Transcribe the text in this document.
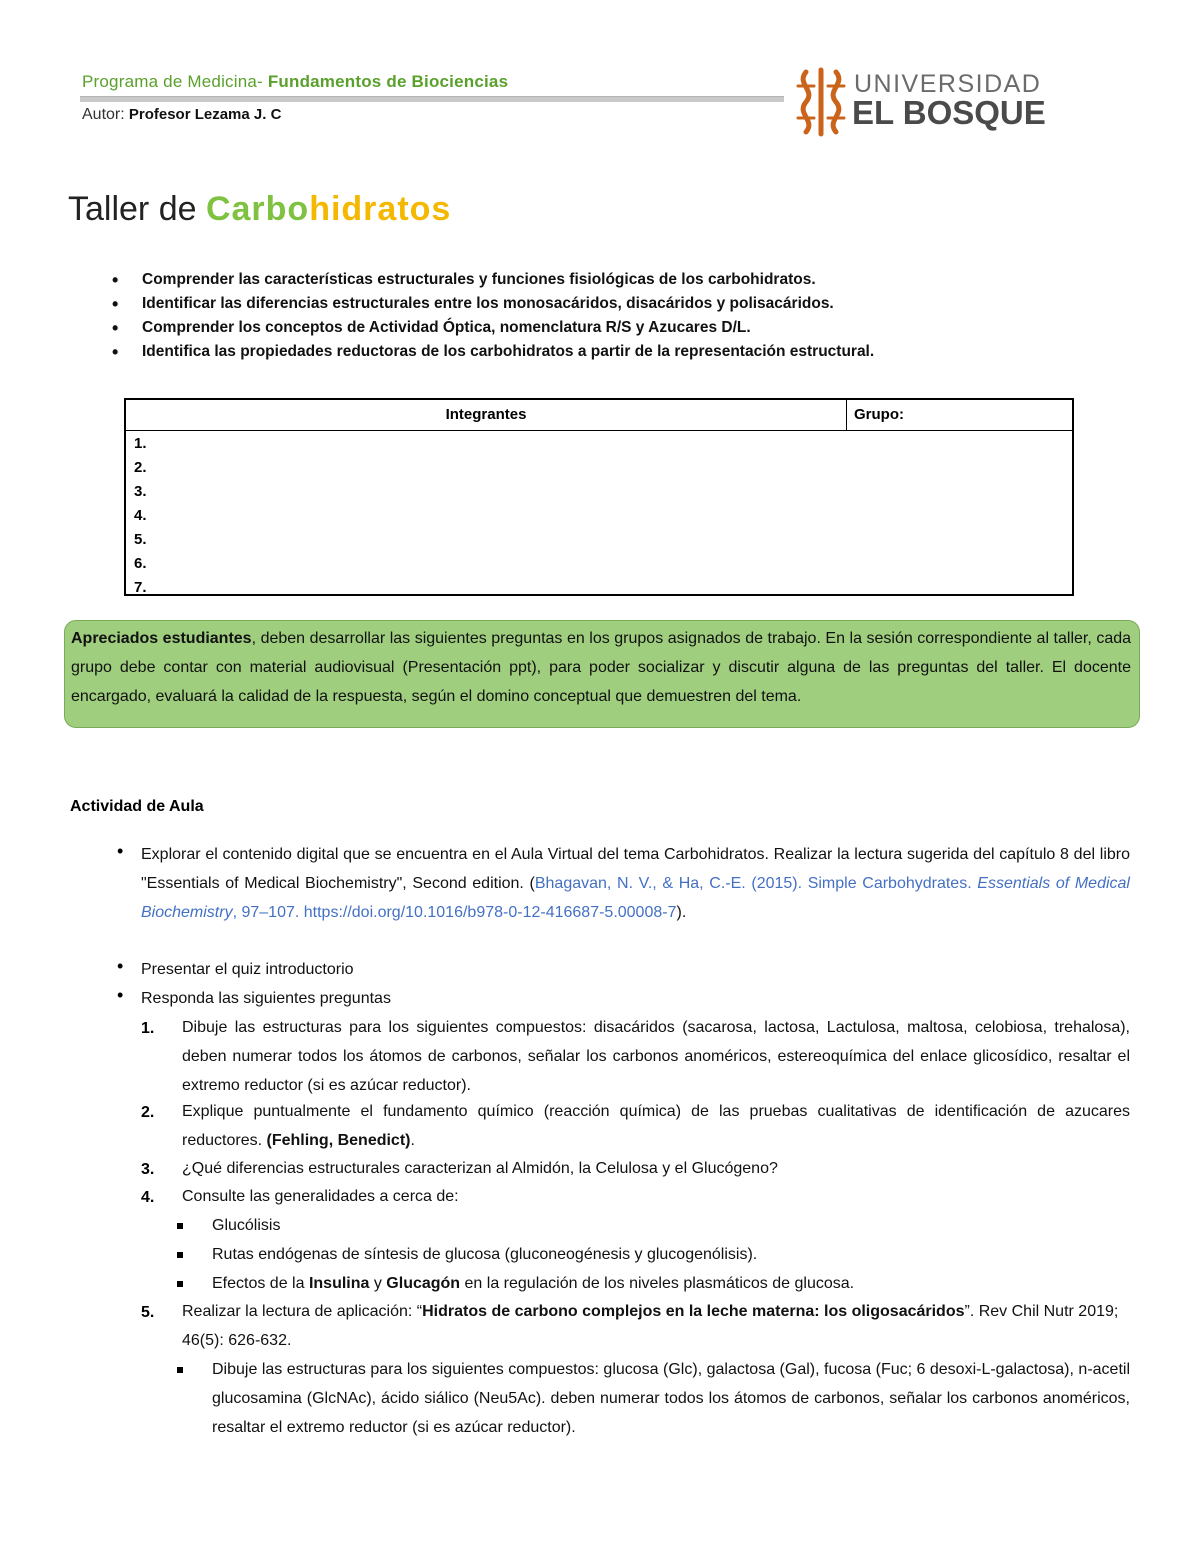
Programa de Medicina- Fundamentos de Biociencias
Autor: Profesor Lezama J. C
UNIVERSIDAD
EL BOSQUE
Taller de Carbohidratos
• Comprender las características estructurales y funciones fisiológicas de los carbohidratos.
• Identificar las diferencias estructurales entre los monosacáridos, disacáridos y polisacáridos.
• Comprender los conceptos de Actividad Óptica, nomenclatura R/S y Azucares D/L.
• Identifica las propiedades reductoras de los carbohidratos a partir de la representación estructural.
Integrantes	Grupo:
1.
2.
3.
4.
5.
6.
7.

Apreciados estudiantes, deben desarrollar las siguientes preguntas en los grupos asignados de trabajo. En la sesión correspondiente al taller, cada grupo debe contar con material audiovisual (Presentación ppt), para poder socializar y discutir alguna de las preguntas del taller. El docente encargado, evaluará la calidad de la respuesta, según el domino conceptual que demuestren del tema.

Actividad de Aula
• Explorar el contenido digital que se encuentra en el Aula Virtual del tema Carbohidratos. Realizar la lectura sugerida del capítulo 8 del libro "Essentials of Medical Biochemistry", Second edition. (Bhagavan, N. V., & Ha, C.-E. (2015). Simple Carbohydrates. Essentials of Medical Biochemistry, 97–107. https://doi.org/10.1016/b978-0-12-416687-5.00008-7).
• Presentar el quiz introductorio
• Responda las siguientes preguntas
1. Dibuje las estructuras para los siguientes compuestos: disacáridos (sacarosa, lactosa, Lactulosa, maltosa, celobiosa, trehalosa), deben numerar todos los átomos de carbonos, señalar los carbonos anoméricos, estereoquímica del enlace glicosídico, resaltar el extremo reductor (si es azúcar reductor).
2. Explique puntualmente el fundamento químico (reacción química) de las pruebas cualitativas de identificación de azucares reductores. (Fehling, Benedict).
3. ¿Qué diferencias estructurales caracterizan al Almidón, la Celulosa y el Glucógeno?
4. Consulte las generalidades a cerca de:
Glucólisis
Rutas endógenas de síntesis de glucosa (gluconeogénesis y glucogenólisis).
Efectos de la Insulina y Glucagón en la regulación de los niveles plasmáticos de glucosa.
5. Realizar la lectura de aplicación: “Hidratos de carbono complejos en la leche materna: los oligosacáridos”. Rev Chil Nutr 2019; 46(5): 626-632.
Dibuje las estructuras para los siguientes compuestos: glucosa (Glc), galactosa (Gal), fucosa (Fuc; 6 desoxi-L-galactosa), n-acetil glucosamina (GlcNAc), ácido siálico (Neu5Ac). deben numerar todos los átomos de carbonos, señalar los carbonos anoméricos, resaltar el extremo reductor (si es azúcar reductor).
